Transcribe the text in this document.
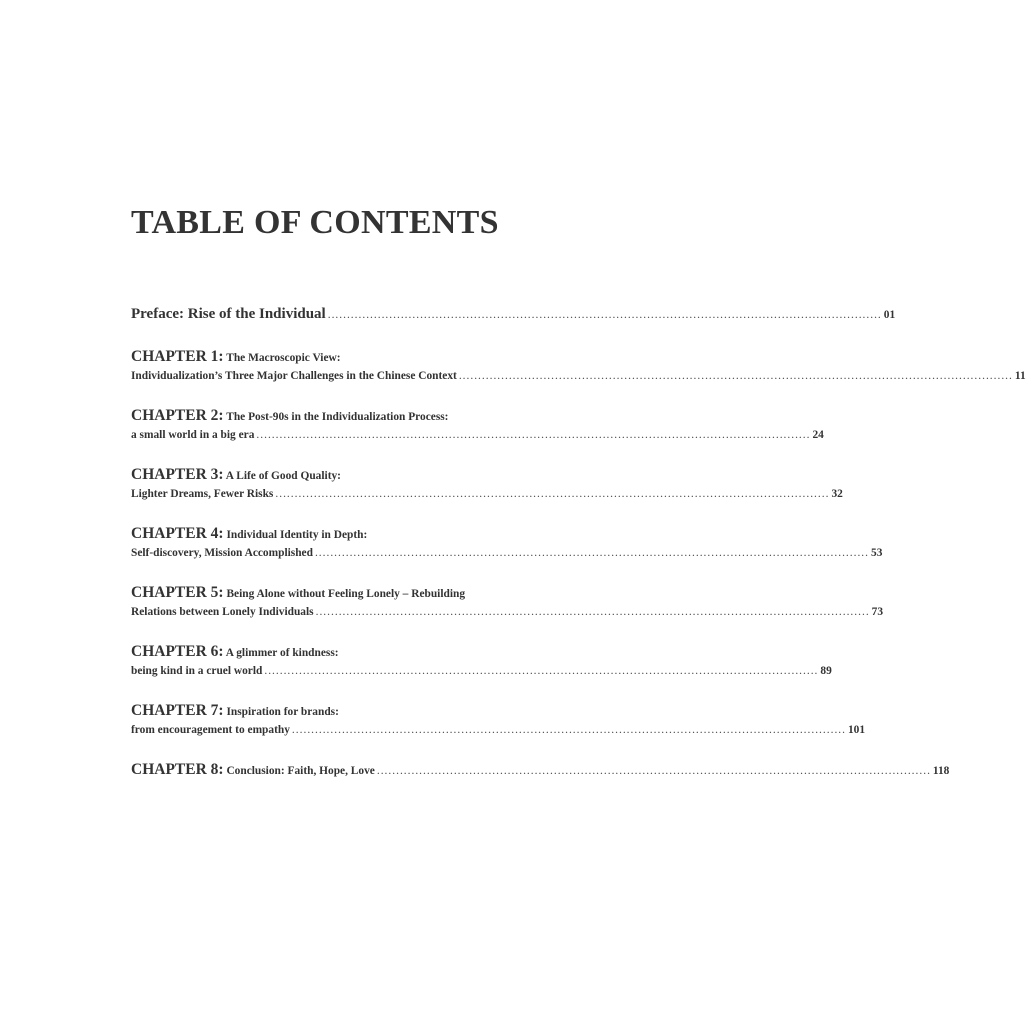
TABLE OF CONTENTS
Preface: Rise of the Individual ................................................................................................................................................ 01
CHAPTER 1: The Macroscopic View:
Individualization’s Three Major Challenges in the Chinese Context ................................................................................................................................................ 11
CHAPTER 2: The Post-90s in the Individualization Process:
a small world in a big era ................................................................................................................................................ 24
CHAPTER 3: A Life of Good Quality:
Lighter Dreams, Fewer Risks ................................................................................................................................................ 32
CHAPTER 4: Individual Identity in Depth:
Self-discovery, Mission Accomplished ................................................................................................................................................ 53
CHAPTER 5: Being Alone without Feeling Lonely – Rebuilding
Relations between Lonely Individuals ................................................................................................................................................ 73
CHAPTER 6: A glimmer of kindness:
being kind in a cruel world ................................................................................................................................................ 89
CHAPTER 7: Inspiration for brands:
from encouragement to empathy ................................................................................................................................................ 101
CHAPTER 8: Conclusion: Faith, Hope, Love ................................................................................................................................................ 118
